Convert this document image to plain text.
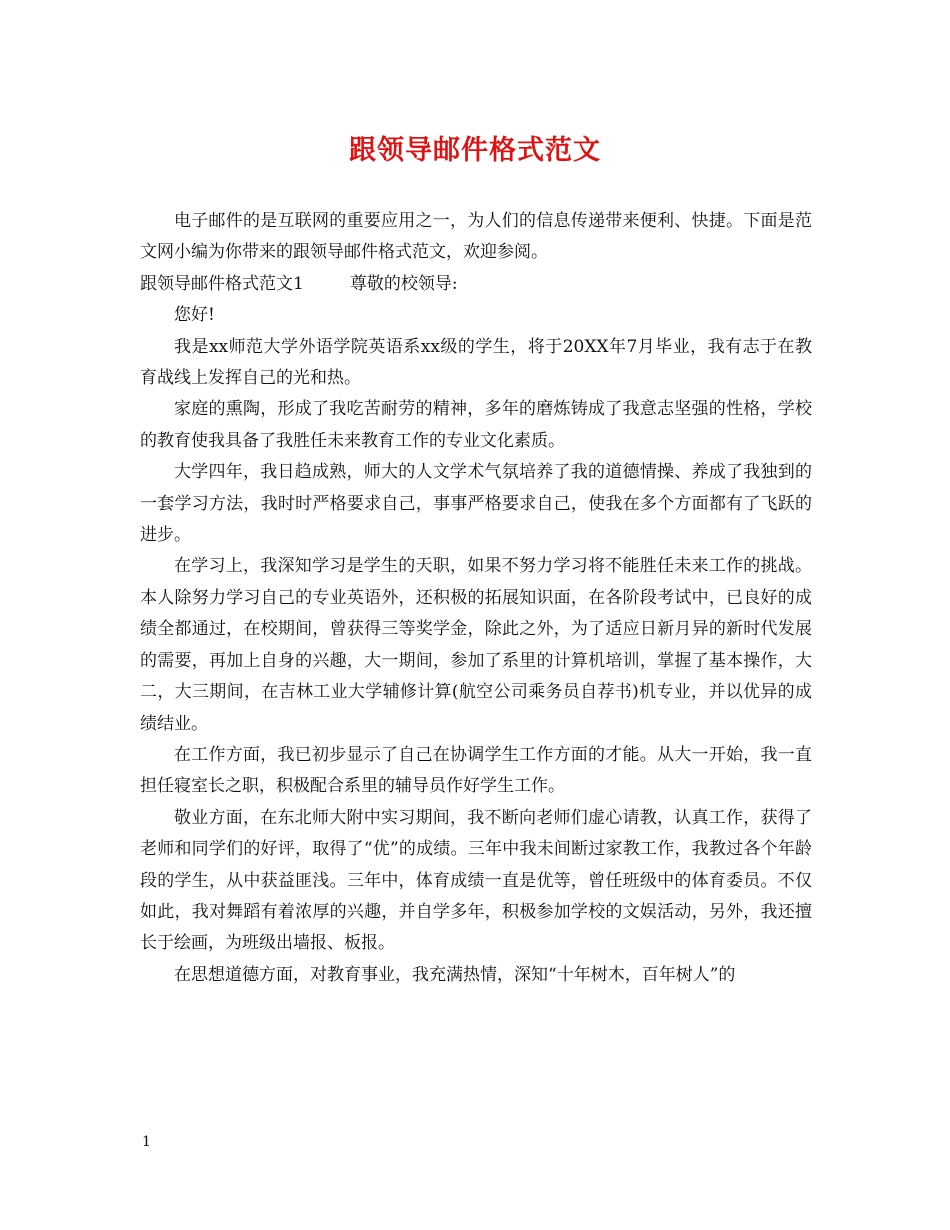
跟领导邮件格式范文

电子邮件的是互联网的重要应用之一，为人们的信息传递带来便利、快捷。下面是范文网小编为你带来的跟领导邮件格式范文，欢迎参阅。

跟领导邮件格式范文1	尊敬的校领导:

您好!

我是xx师范大学外语学院英语系xx级的学生，将于20XX年7月毕业，我有志于在教育战线上发挥自己的光和热。

家庭的熏陶，形成了我吃苦耐劳的精神，多年的磨炼铸成了我意志坚强的性格，学校的教育使我具备了我胜任未来教育工作的专业文化素质。

大学四年，我日趋成熟，师大的人文学术气氛培养了我的道德情操、养成了我独到的一套学习方法，我时时严格要求自己，事事严格要求自己，使我在多个方面都有了飞跃的进步。

在学习上，我深知学习是学生的天职，如果不努力学习将不能胜任未来工作的挑战。本人除努力学习自己的专业英语外，还积极的拓展知识面，在各阶段考试中，已良好的成绩全都通过，在校期间，曾获得三等奖学金，除此之外，为了适应日新月异的新时代发展的需要，再加上自身的兴趣，大一期间，参加了系里的计算机培训，掌握了基本操作，大二，大三期间，在吉林工业大学辅修计算(航空公司乘务员自荐书)机专业，并以优异的成绩结业。

在工作方面，我已初步显示了自己在协调学生工作方面的才能。从大一开始，我一直担任寝室长之职，积极配合系里的辅导员作好学生工作。

敬业方面，在东北师大附中实习期间，我不断向老师们虚心请教，认真工作，获得了老师和同学们的好评，取得了“优”的成绩。三年中我未间断过家教工作，我教过各个年龄段的学生，从中获益匪浅。三年中，体育成绩一直是优等，曾任班级中的体育委员。不仅如此，我对舞蹈有着浓厚的兴趣，并自学多年，积极参加学校的文娱活动，另外，我还擅长于绘画，为班级出墙报、板报。

在思想道德方面，对教育事业，我充满热情，深知“十年树木，百年树人”的

1
